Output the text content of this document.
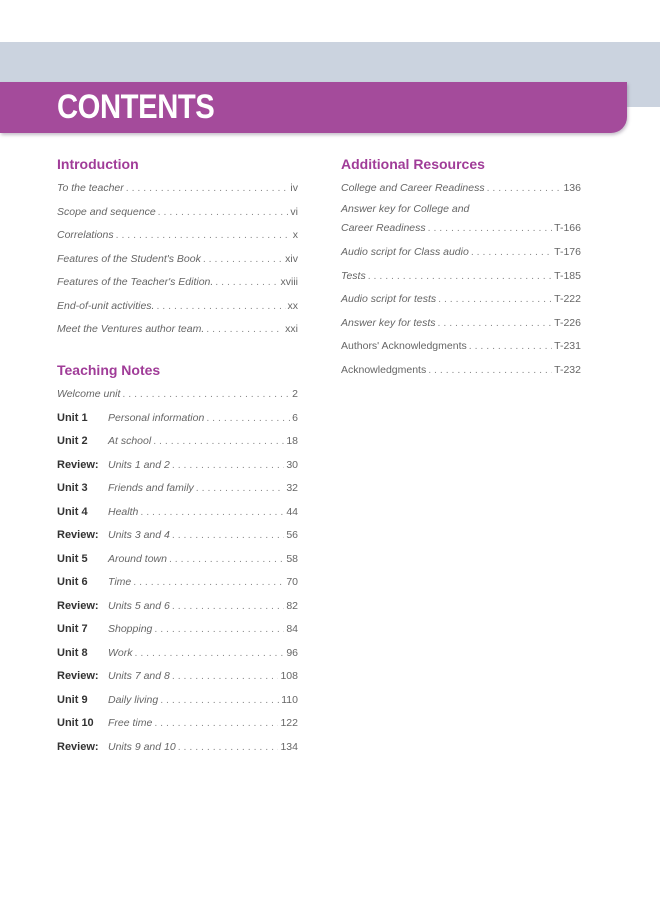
CONTENTS
Introduction
To the teacher . . .	iv
Scope and sequence . . .	vi
Correlations . . .	x
Features of the Student's Book . . .	xiv
Features of the Teacher's Edition. . . .	xviii
End-of-unit activities. . . .	xx
Meet the Ventures author team. . . .	xxi
Teaching Notes
Welcome unit . . .	2
Unit 1	Personal information . . .	6
Unit 2	At school . . .	18
Review: Units 1 and 2 . . .	30
Unit 3	Friends and family . . .	32
Unit 4	Health . . .	44
Review: Units 3 and 4 . . .	56
Unit 5	Around town . . .	58
Unit 6	Time . . .	70
Review: Units 5 and 6 . . .	82
Unit 7	Shopping . . .	84
Unit 8	Work . . .	96
Review: Units 7 and 8 . . .	108
Unit 9	Daily living . . .	110
Unit 10	Free time . . .	122
Review: Units 9 and 10 . . .	134
Additional Resources
College and Career Readiness . . .	136
Answer key for College and
Career Readiness . . .	T-166
Audio script for Class audio . . .	T-176
Tests . . .	T-185
Audio script for tests . . .	T-222
Answer key for tests . . .	T-226
Authors' Acknowledgments . . .	T-231
Acknowledgments . . .	T-232
